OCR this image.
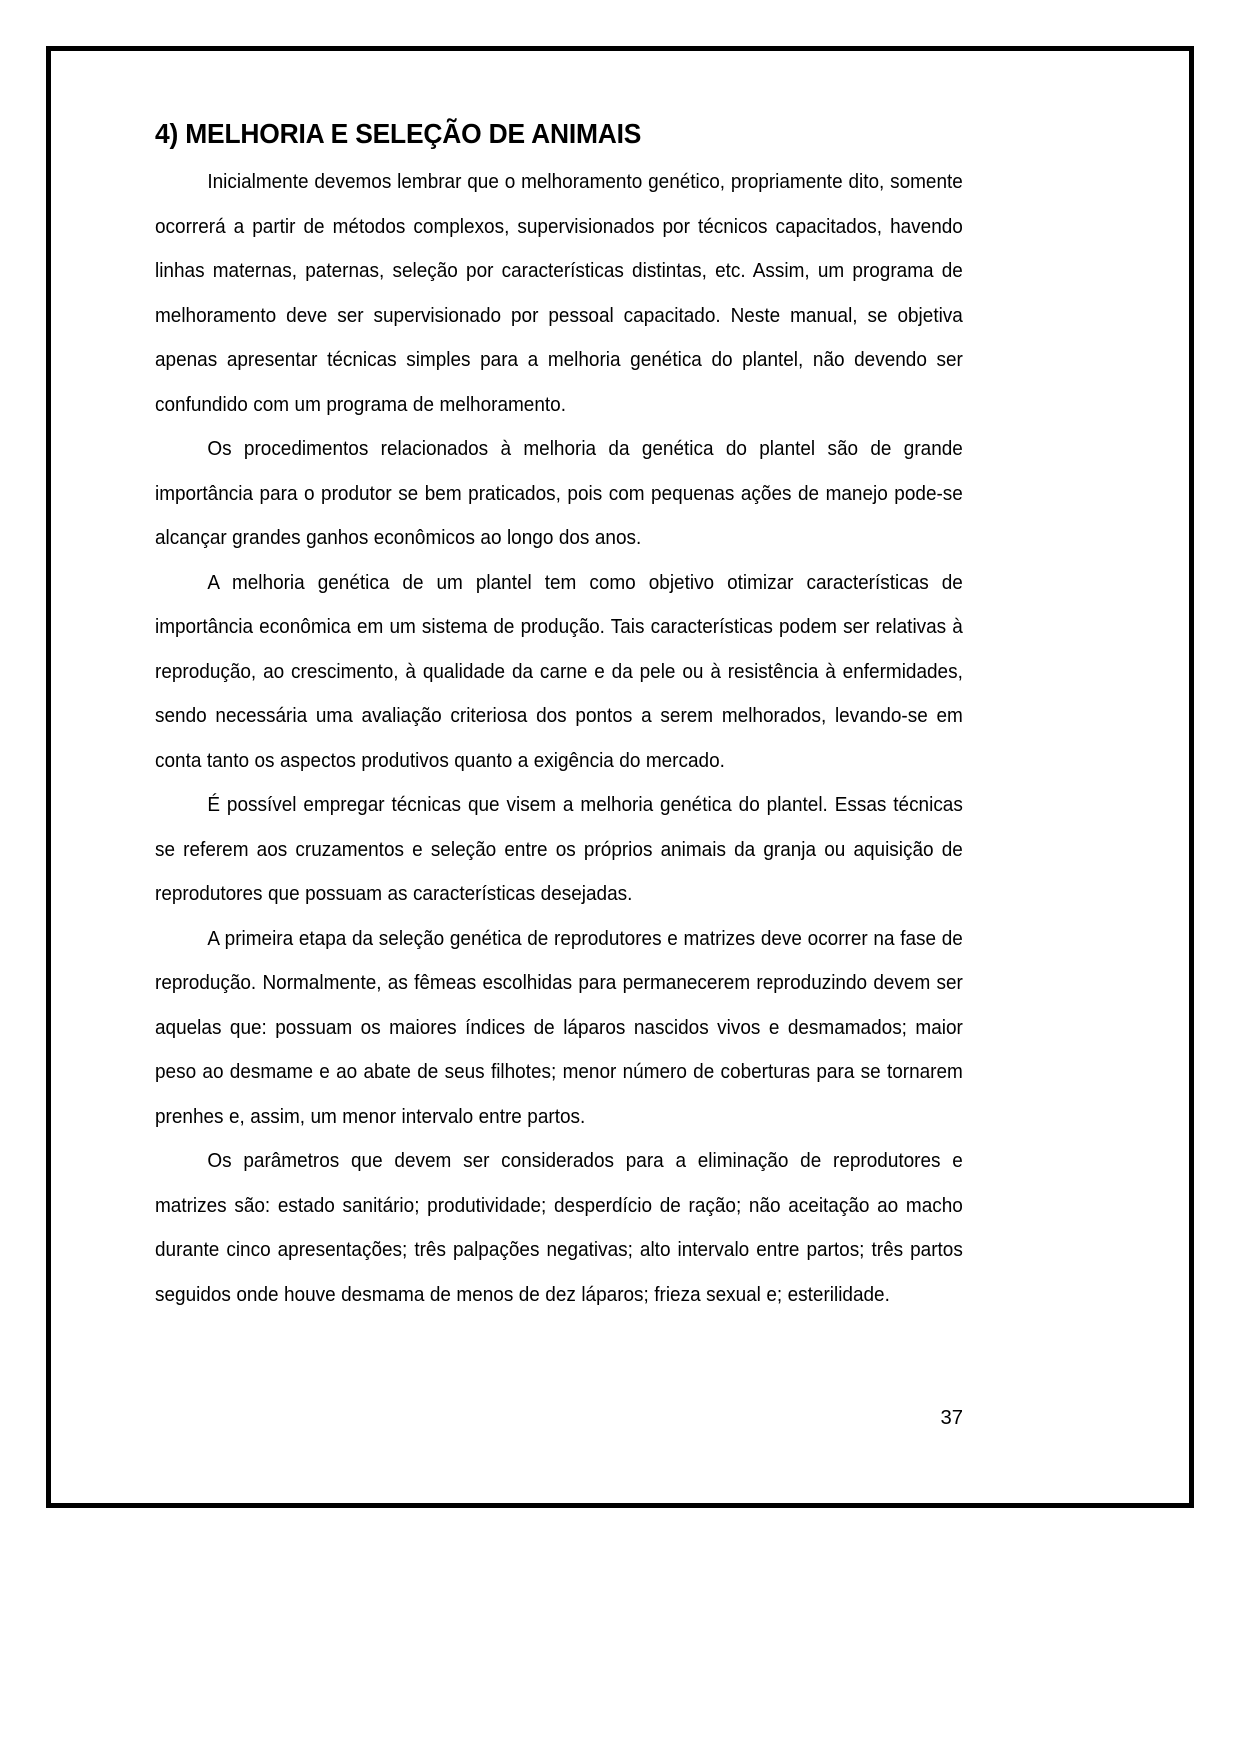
4) MELHORIA E SELEÇÃO DE ANIMAIS

Inicialmente devemos lembrar que o melhoramento genético, propriamente dito, somente ocorrerá a partir de métodos complexos, supervisionados por técnicos capacitados, havendo linhas maternas, paternas, seleção por características distintas, etc. Assim, um programa de melhoramento deve ser supervisionado por pessoal capacitado. Neste manual, se objetiva apenas apresentar técnicas simples para a melhoria genética do plantel, não devendo ser confundido com um programa de melhoramento.

Os procedimentos relacionados à melhoria da genética do plantel são de grande importância para o produtor se bem praticados, pois com pequenas ações de manejo pode-se alcançar grandes ganhos econômicos ao longo dos anos.

A melhoria genética de um plantel tem como objetivo otimizar características de importância econômica em um sistema de produção. Tais características podem ser relativas à reprodução, ao crescimento, à qualidade da carne e da pele ou à resistência à enfermidades, sendo necessária uma avaliação criteriosa dos pontos a serem melhorados, levando-se em conta tanto os aspectos produtivos quanto a exigência do mercado.

É possível empregar técnicas que visem a melhoria genética do plantel. Essas técnicas se referem aos cruzamentos e seleção entre os próprios animais da granja ou aquisição de reprodutores que possuam as características desejadas.

A primeira etapa da seleção genética de reprodutores e matrizes deve ocorrer na fase de reprodução. Normalmente, as fêmeas escolhidas para permanecerem reproduzindo devem ser aquelas que: possuam os maiores índices de láparos nascidos vivos e desmamados; maior peso ao desmame e ao abate de seus filhotes; menor número de coberturas para se tornarem prenhes e, assim, um menor intervalo entre partos.

Os parâmetros que devem ser considerados para a eliminação de reprodutores e matrizes são: estado sanitário; produtividade; desperdício de ração; não aceitação ao macho durante cinco apresentações; três palpações negativas; alto intervalo entre partos; três partos seguidos onde houve desmama de menos de dez láparos; frieza sexual e; esterilidade.

37
